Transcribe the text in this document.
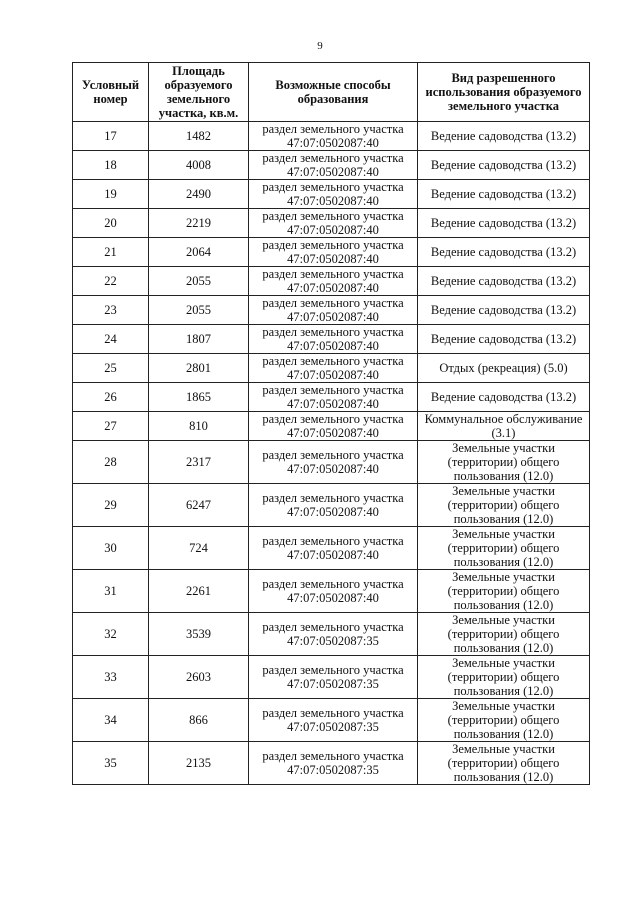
9
Условный номер	Площадь образуемого земельного участка, кв.м.	Возможные способы образования	Вид разрешенного использования образуемого земельного участка
17	1482	раздел земельного участка 47:07:0502087:40	Ведение садоводства (13.2)
18	4008	раздел земельного участка 47:07:0502087:40	Ведение садоводства (13.2)
19	2490	раздел земельного участка 47:07:0502087:40	Ведение садоводства (13.2)
20	2219	раздел земельного участка 47:07:0502087:40	Ведение садоводства (13.2)
21	2064	раздел земельного участка 47:07:0502087:40	Ведение садоводства (13.2)
22	2055	раздел земельного участка 47:07:0502087:40	Ведение садоводства (13.2)
23	2055	раздел земельного участка 47:07:0502087:40	Ведение садоводства (13.2)
24	1807	раздел земельного участка 47:07:0502087:40	Ведение садоводства (13.2)
25	2801	раздел земельного участка 47:07:0502087:40	Отдых (рекреация) (5.0)
26	1865	раздел земельного участка 47:07:0502087:40	Ведение садоводства (13.2)
27	810	раздел земельного участка 47:07:0502087:40	Коммунальное обслуживание (3.1)
28	2317	раздел земельного участка 47:07:0502087:40	Земельные участки (территории) общего пользования (12.0)
29	6247	раздел земельного участка 47:07:0502087:40	Земельные участки (территории) общего пользования (12.0)
30	724	раздел земельного участка 47:07:0502087:40	Земельные участки (территории) общего пользования (12.0)
31	2261	раздел земельного участка 47:07:0502087:40	Земельные участки (территории) общего пользования (12.0)
32	3539	раздел земельного участка 47:07:0502087:35	Земельные участки (территории) общего пользования (12.0)
33	2603	раздел земельного участка 47:07:0502087:35	Земельные участки (территории) общего пользования (12.0)
34	866	раздел земельного участка 47:07:0502087:35	Земельные участки (территории) общего пользования (12.0)
35	2135	раздел земельного участка 47:07:0502087:35	Земельные участки (территории) общего пользования (12.0)
